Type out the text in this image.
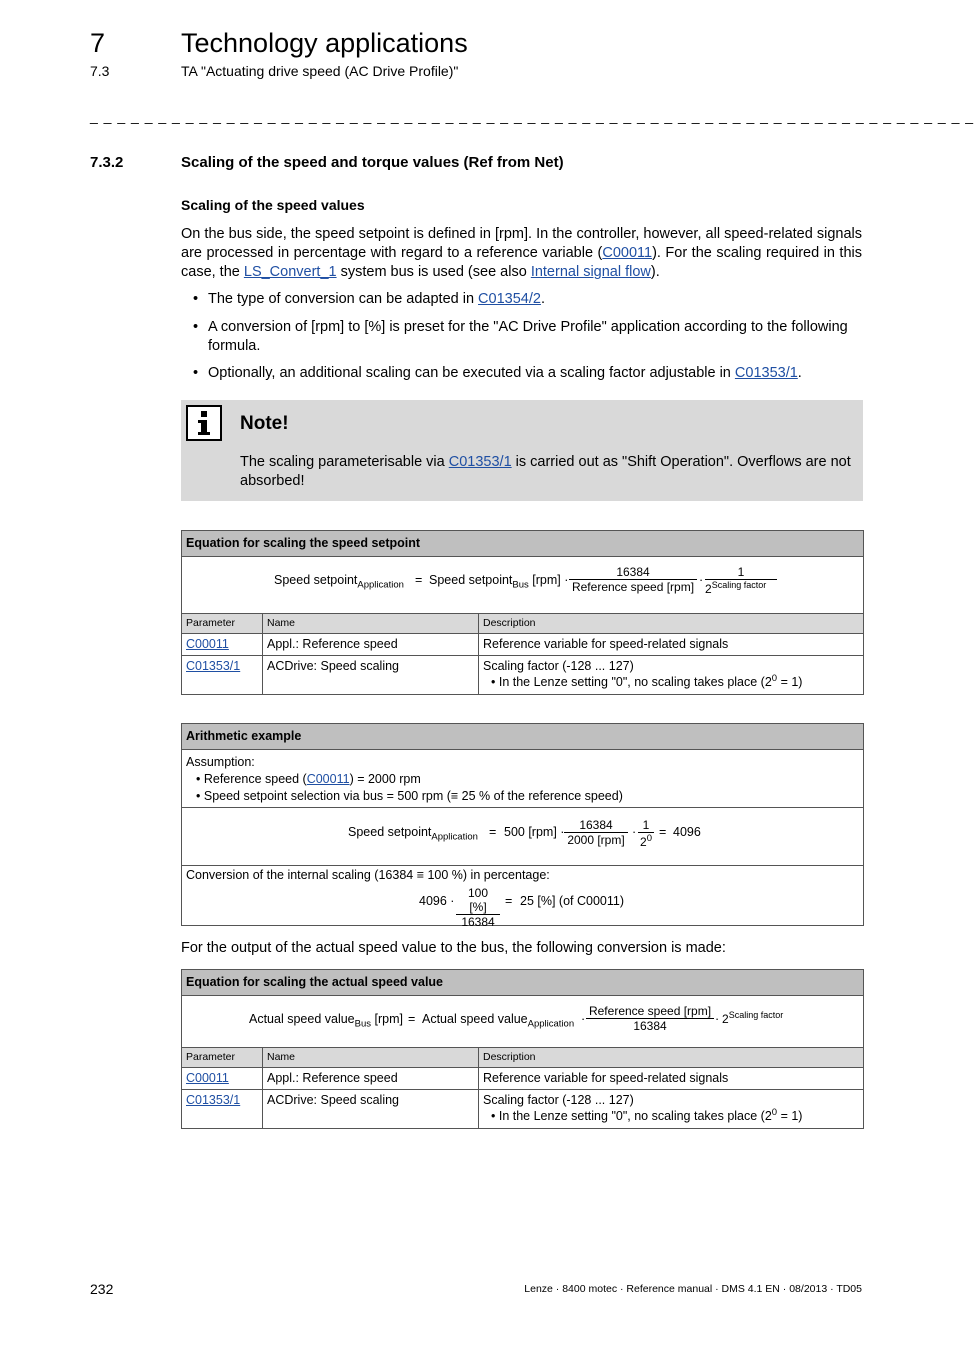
7	Technology applications
7.3	TA "Actuating drive speed (AC Drive Profile)"
_ _ _ _ _ _ _ _ _ _ _ _ _ _ _ _ _ _ _ _ _ _ _ _ _ _ _ _ _ _ _ _ _ _ _ _ _ _ _ _ _ _ _ _ _ _ _ _ _ _ _ _ _ _ _ _ _ _ _ _ _ _ _ _ _
7.3.2	Scaling of the speed and torque values (Ref from Net)
Scaling of the speed values
On the bus side, the speed setpoint is defined in [rpm]. In the controller, however, all speed-related signals are processed in percentage with regard to a reference variable (C00011). For the scaling required in this case, the LS_Convert_1 system bus is used (see also Internal signal flow).
• The type of conversion can be adapted in C01354/2.
• A conversion of [rpm] to [%] is preset for the "AC Drive Profile" application according to the following formula.
• Optionally, an additional scaling can be executed via a scaling factor adjustable in C01353/1.
Note!
The scaling parameterisable via C01353/1 is carried out as "Shift Operation". Overflows are not absorbed!
Equation for scaling the speed setpoint
Speed setpoint$_{Application}$ = Speed setpoint$_{Bus}$ [rpm] ·
16384
Reference speed [rpm] ·
1
$2^{Scaling factor}$
Parameter	Name	Description
C00011	Appl.: Reference speed	Reference variable for speed-related signals
C01353/1	ACDrive: Speed scaling	Scaling factor (-128 ... 127)
• In the Lenze setting "0", no scaling takes place $(2^0 = 1)$
Arithmetic example
Assumption:
• Reference speed (C00011) = 2000 rpm
• Speed setpoint selection via bus = 500 rpm (≡ 25 % of the reference speed)
Speed setpoint$_{Application}$ = 500 [rpm] ·	16384
2000 [rpm]
· 1
$2^0 = 4096$
Conversion of the internal scaling (16384 ≡ 100 %) in percentage:
$4096 \cdot \frac{100 [\%]}{16384} = 25$ [%] (of C00011)
For the output of the actual speed value to the bus, the following conversion is made:
Equation for scaling the actual speed value
Actual speed value$_{Bus}$ [rpm] = Actual speed value$_{Application}$ ·
Reference speed [rpm]
16384	· $2^{Scaling factor}$
Parameter	Name	Description
C00011	Appl.: Reference speed	Reference variable for speed-related signals
C01353/1	ACDrive: Speed scaling	Scaling factor (-128 ... 127)
• In the Lenze setting "0", no scaling takes place $(2^0 = 1)$
232	Lenze · 8400 motec · Reference manual · DMS 4.1 EN · 08/2013 · TD05
